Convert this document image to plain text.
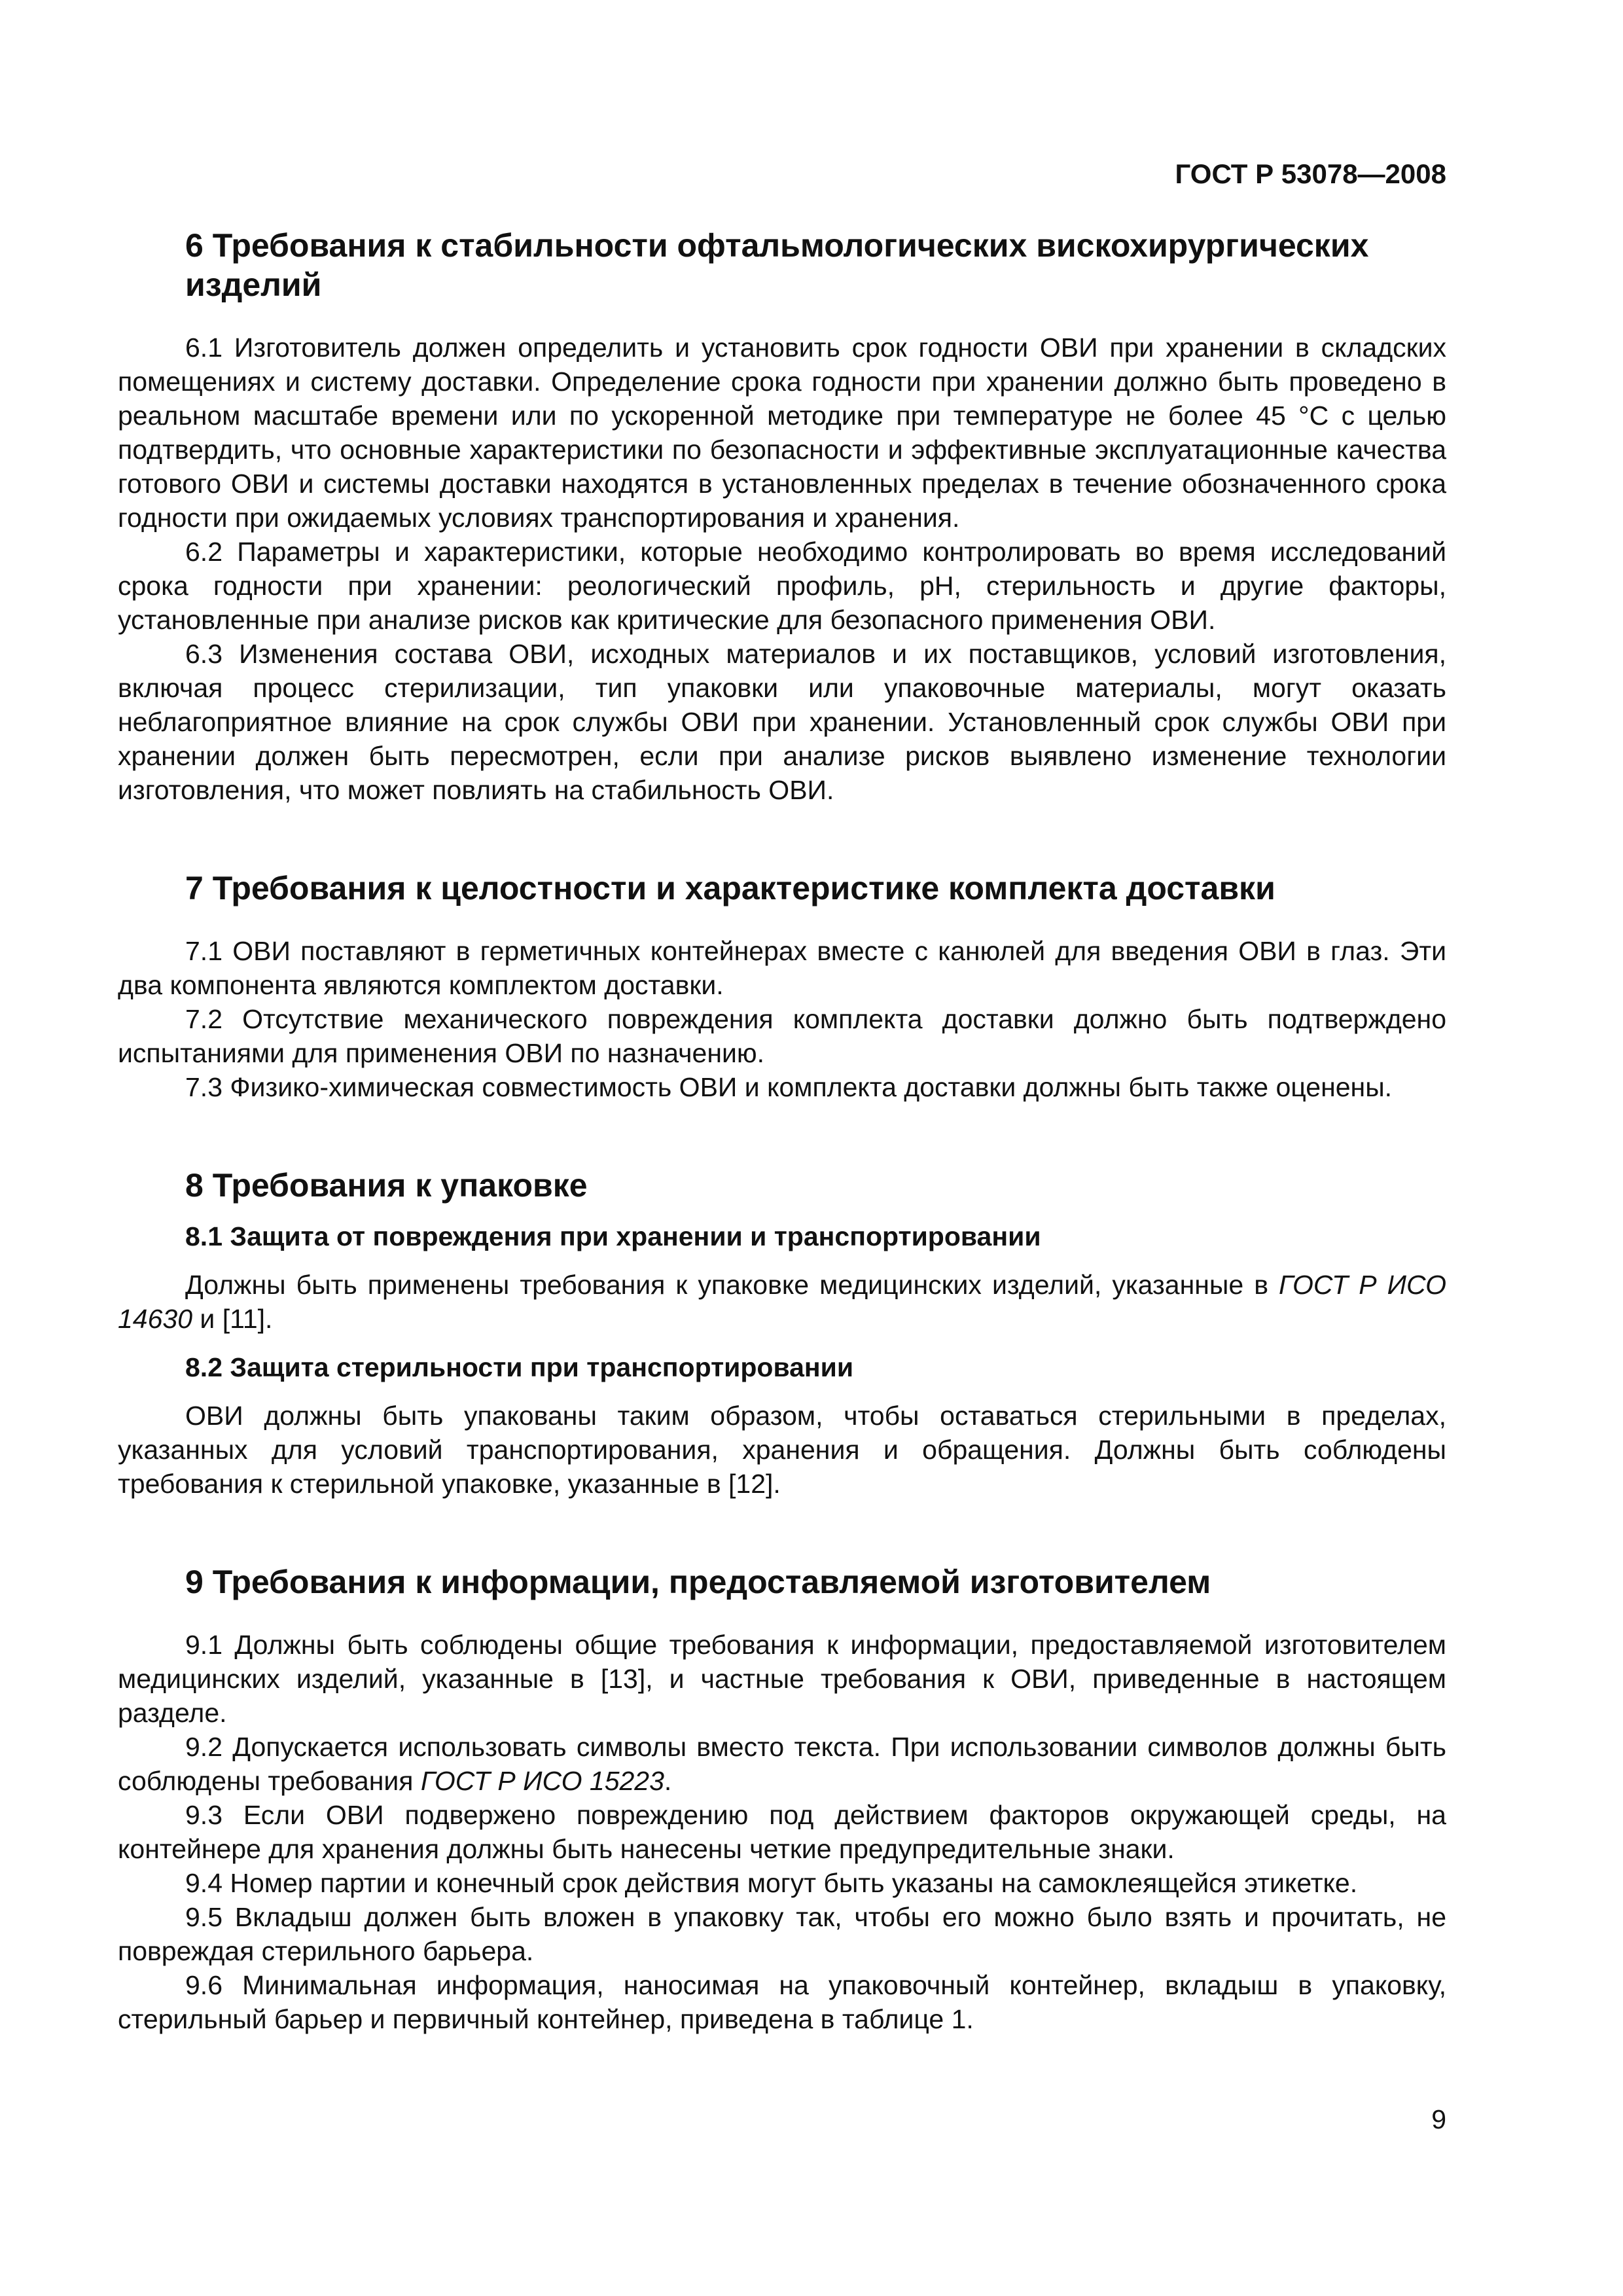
ГОСТ Р 53078—2008
6 Требования к стабильности офтальмологических вискохирургических
изделий

6.1 Изготовитель должен определить и установить срок годности ОВИ при хранении в складских помещениях и систему доставки. Определение срока годности при хранении должно быть проведено в реальном масштабе времени или по ускоренной методике при температуре не более 45 °С с целью подтвердить, что основные характеристики по безопасности и эффективные эксплуатационные качества готового ОВИ и системы доставки находятся в установленных пределах в течение обозначенного срока годности при ожидаемых условиях транспортирования и хранения.

6.2 Параметры и характеристики, которые необходимо контролировать во время исследований срока годности при хранении: реологический профиль, рН, стерильность и другие факторы, установленные при анализе рисков как критические для безопасного применения ОВИ.

6.3 Изменения состава ОВИ, исходных материалов и их поставщиков, условий изготовления, включая процесс стерилизации, тип упаковки или упаковочные материалы, могут оказать неблагоприятное влияние на срок службы ОВИ при хранении. Установленный срок службы ОВИ при хранении должен быть пересмотрен, если при анализе рисков выявлено изменение технологии изготовления, что может повлиять на стабильность ОВИ.

7 Требования к целостности и характеристике комплекта доставки

7.1 ОВИ поставляют в герметичных контейнерах вместе с канюлей для введения ОВИ в глаз. Эти два компонента являются комплектом доставки.

7.2 Отсутствие механического повреждения комплекта доставки должно быть подтверждено испытаниями для применения ОВИ по назначению.

7.3 Физико-химическая совместимость ОВИ и комплекта доставки должны быть также оценены.

8 Требования к упаковке
8.1 Защита от повреждения при хранении и транспортировании

Должны быть применены требования к упаковке медицинских изделий, указанные в ГОСТ Р ИСО 14630 и [11].

8.2 Защита стерильности при транспортировании

ОВИ должны быть упакованы таким образом, чтобы оставаться стерильными в пределах, указанных для условий транспортирования, хранения и обращения. Должны быть соблюдены требования к стерильной упаковке, указанные в [12].

9 Требования к информации, предоставляемой изготовителем

9.1 Должны быть соблюдены общие требования к информации, предоставляемой изготовителем медицинских изделий, указанные в [13], и частные требования к ОВИ, приведенные в настоящем разделе.

9.2 Допускается использовать символы вместо текста. При использовании символов должны быть соблюдены требования ГОСТ Р ИСО 15223.

9.3 Если ОВИ подвержено повреждению под действием факторов окружающей среды, на контейнере для хранения должны быть нанесены четкие предупредительные знаки.

9.4 Номер партии и конечный срок действия могут быть указаны на самоклеящейся этикетке.

9.5 Вкладыш должен быть вложен в упаковку так, чтобы его можно было взять и прочитать, не повреждая стерильного барьера.

9.6 Минимальная информация, наносимая на упаковочный контейнер, вкладыш в упаковку, стерильный барьер и первичный контейнер, приведена в таблице 1.

9
